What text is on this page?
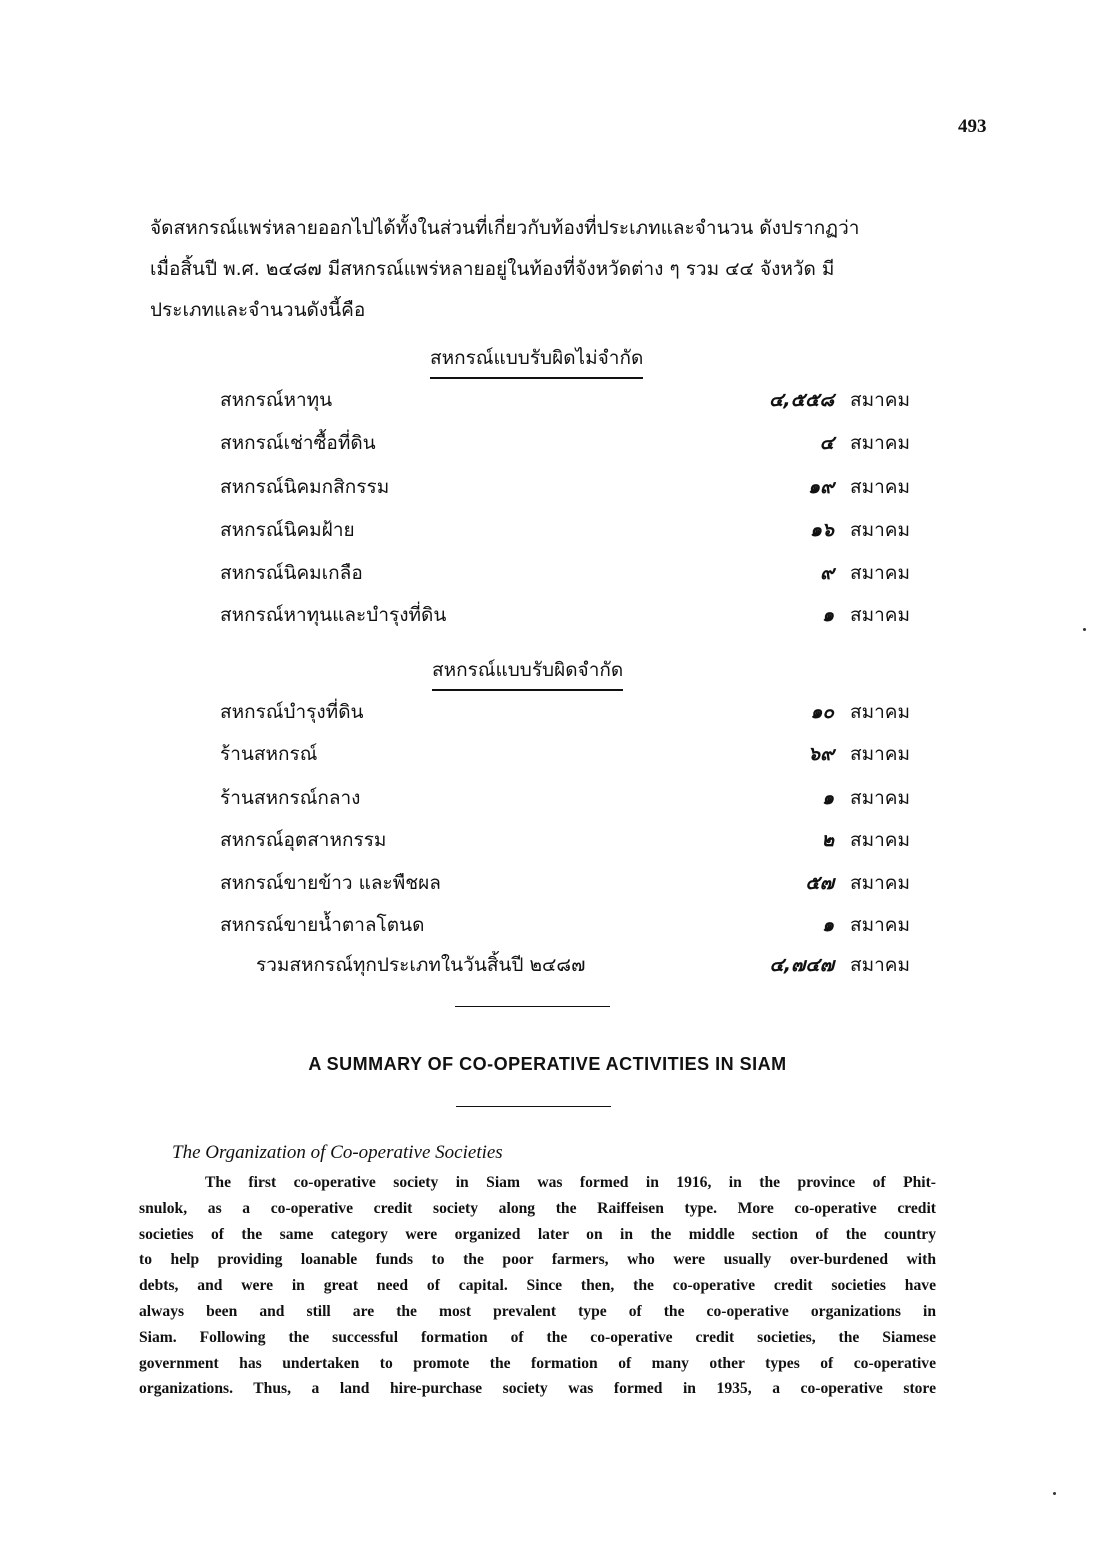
493
จัดสหกรณ์แพร่หลายออกไปได้ทั้งในส่วนที่เกี่ยวกับท้องที่ประเภทและจำนวน ดังปรากฏว่า
เมื่อสิ้นปี พ.ศ. ๒๔๘๗ มีสหกรณ์แพร่หลายอยู่ในท้องที่จังหวัดต่าง ๆ รวม ๔๔ จังหวัด มี
ประเภทและจำนวนดังนี้คือ
สหกรณ์แบบรับผิดไม่จำกัด
สหกรณ์หาทุน	๔,๕๕๘ สมาคม
สหกรณ์เช่าซื้อที่ดิน	๔ สมาคม
สหกรณ์นิคมกสิกรรม	๑๙ สมาคม
สหกรณ์นิคมฝ้าย	๑๖ สมาคม
สหกรณ์นิคมเกลือ	๙ สมาคม
สหกรณ์หาทุนและบำรุงที่ดิน	๑ สมาคม
สหกรณ์แบบรับผิดจำกัด
สหกรณ์บำรุงที่ดิน	๑๐ สมาคม
ร้านสหกรณ์	๖๙ สมาคม
ร้านสหกรณ์กลาง	๑ สมาคม
สหกรณ์อุตสาหกรรม	๒ สมาคม
สหกรณ์ขายข้าว และพืชผล	๕๗ สมาคม
สหกรณ์ขายน้ำตาลโตนด	๑ สมาคม
รวมสหกรณ์ทุกประเภทในวันสิ้นปี ๒๔๘๗	๔,๗๔๗ สมาคม
A SUMMARY OF CO-OPERATIVE ACTIVITIES IN SIAM
The Organization of Co-operative Societies
The first co-operative society in Siam was formed in 1916, in the province of Phit-
snulok, as a co-operative credit society along the Raiffeisen type. More co-operative credit
societies of the same category were organized later on in the middle section of the country
to help providing loanable funds to the poor farmers, who were usually over-burdened with
debts, and were in great need of capital. Since then, the co-operative credit societies have
always been and still are the most prevalent type of the co-operative organizations in
Siam. Following the successful formation of the co-operative credit societies, the Siamese
government has undertaken to promote the formation of many other types of co-operative
organizations. Thus, a land hire-purchase society was formed in 1935, a co-operative store
